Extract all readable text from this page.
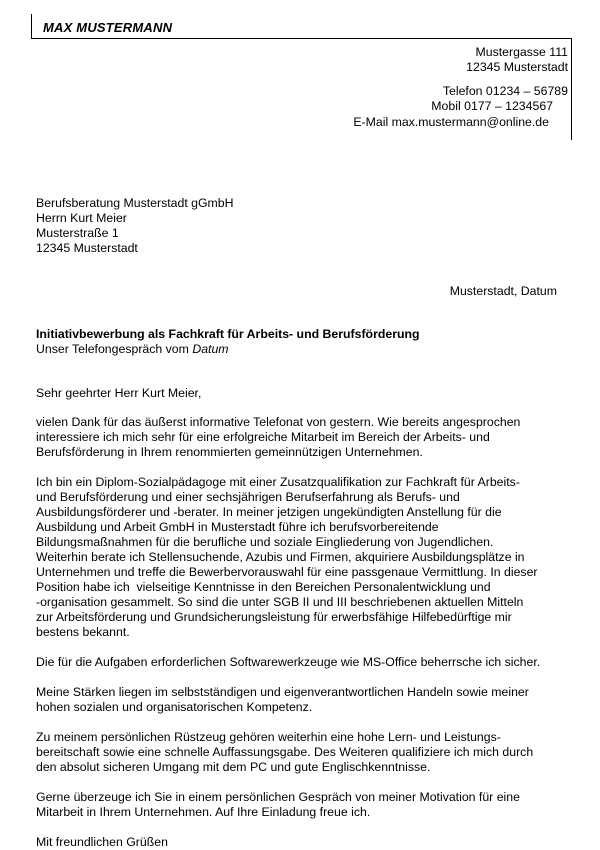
MAX MUSTERMANN
Mustergasse 111
12345 Musterstadt
Telefon 01234 – 56789
Mobil 0177 – 1234567
E-Mail max.mustermann@online.de
Berufsberatung Musterstadt gGmbH
Herrn Kurt Meier
Musterstraße 1
12345 Musterstadt
Musterstadt, Datum
Initiativbewerbung als Fachkraft für Arbeits- und Berufsförderung
Unser Telefongespräch vom Datum
Sehr geehrter Herr Kurt Meier,
vielen Dank für das äußerst informative Telefonat von gestern. Wie bereits angesprochen
interessiere ich mich sehr für eine erfolgreiche Mitarbeit im Bereich der Arbeits- und
Berufsförderung in Ihrem renommierten gemeinnützigen Unternehmen.
Ich bin ein Diplom-Sozialpädagoge mit einer Zusatzqualifikation zur Fachkraft für Arbeits-
und Berufsförderung und einer sechsjährigen Berufserfahrung als Berufs- und
Ausbildungsförderer und -berater. In meiner jetzigen ungekündigten Anstellung für die
Ausbildung und Arbeit GmbH in Musterstadt führe ich berufsvorbereitende
Bildungsmaßnahmen für die berufliche und soziale Eingliederung von Jugendlichen.
Weiterhin berate ich Stellensuchende, Azubis und Firmen, akquiriere Ausbildungsplätze in
Unternehmen und treffe die Bewerbervorauswahl für eine passgenaue Vermittlung. In dieser
Position habe ich  vielseitige Kenntnisse in den Bereichen Personalentwicklung und
-organisation gesammelt. So sind die unter SGB II und III beschriebenen aktuellen Mitteln
zur Arbeitsförderung und Grundsicherungsleistung für erwerbsfähige Hilfebedürftige mir
bestens bekannt.
Die für die Aufgaben erforderlichen Softwarewerkzeuge wie MS-Office beherrsche ich sicher.
Meine Stärken liegen im selbstständigen und eigenverantwortlichen Handeln sowie meiner
hohen sozialen und organisatorischen Kompetenz.
Zu meinem persönlichen Rüstzeug gehören weiterhin eine hohe Lern- und Leistungs-
bereitschaft sowie eine schnelle Auffassungsgabe. Des Weiteren qualifiziere ich mich durch
den absolut sicheren Umgang mit dem PC und gute Englischkenntnisse.
Gerne überzeuge ich Sie in einem persönlichen Gespräch von meiner Motivation für eine
Mitarbeit in Ihrem Unternehmen. Auf Ihre Einladung freue ich.
Mit freundlichen Grüßen
